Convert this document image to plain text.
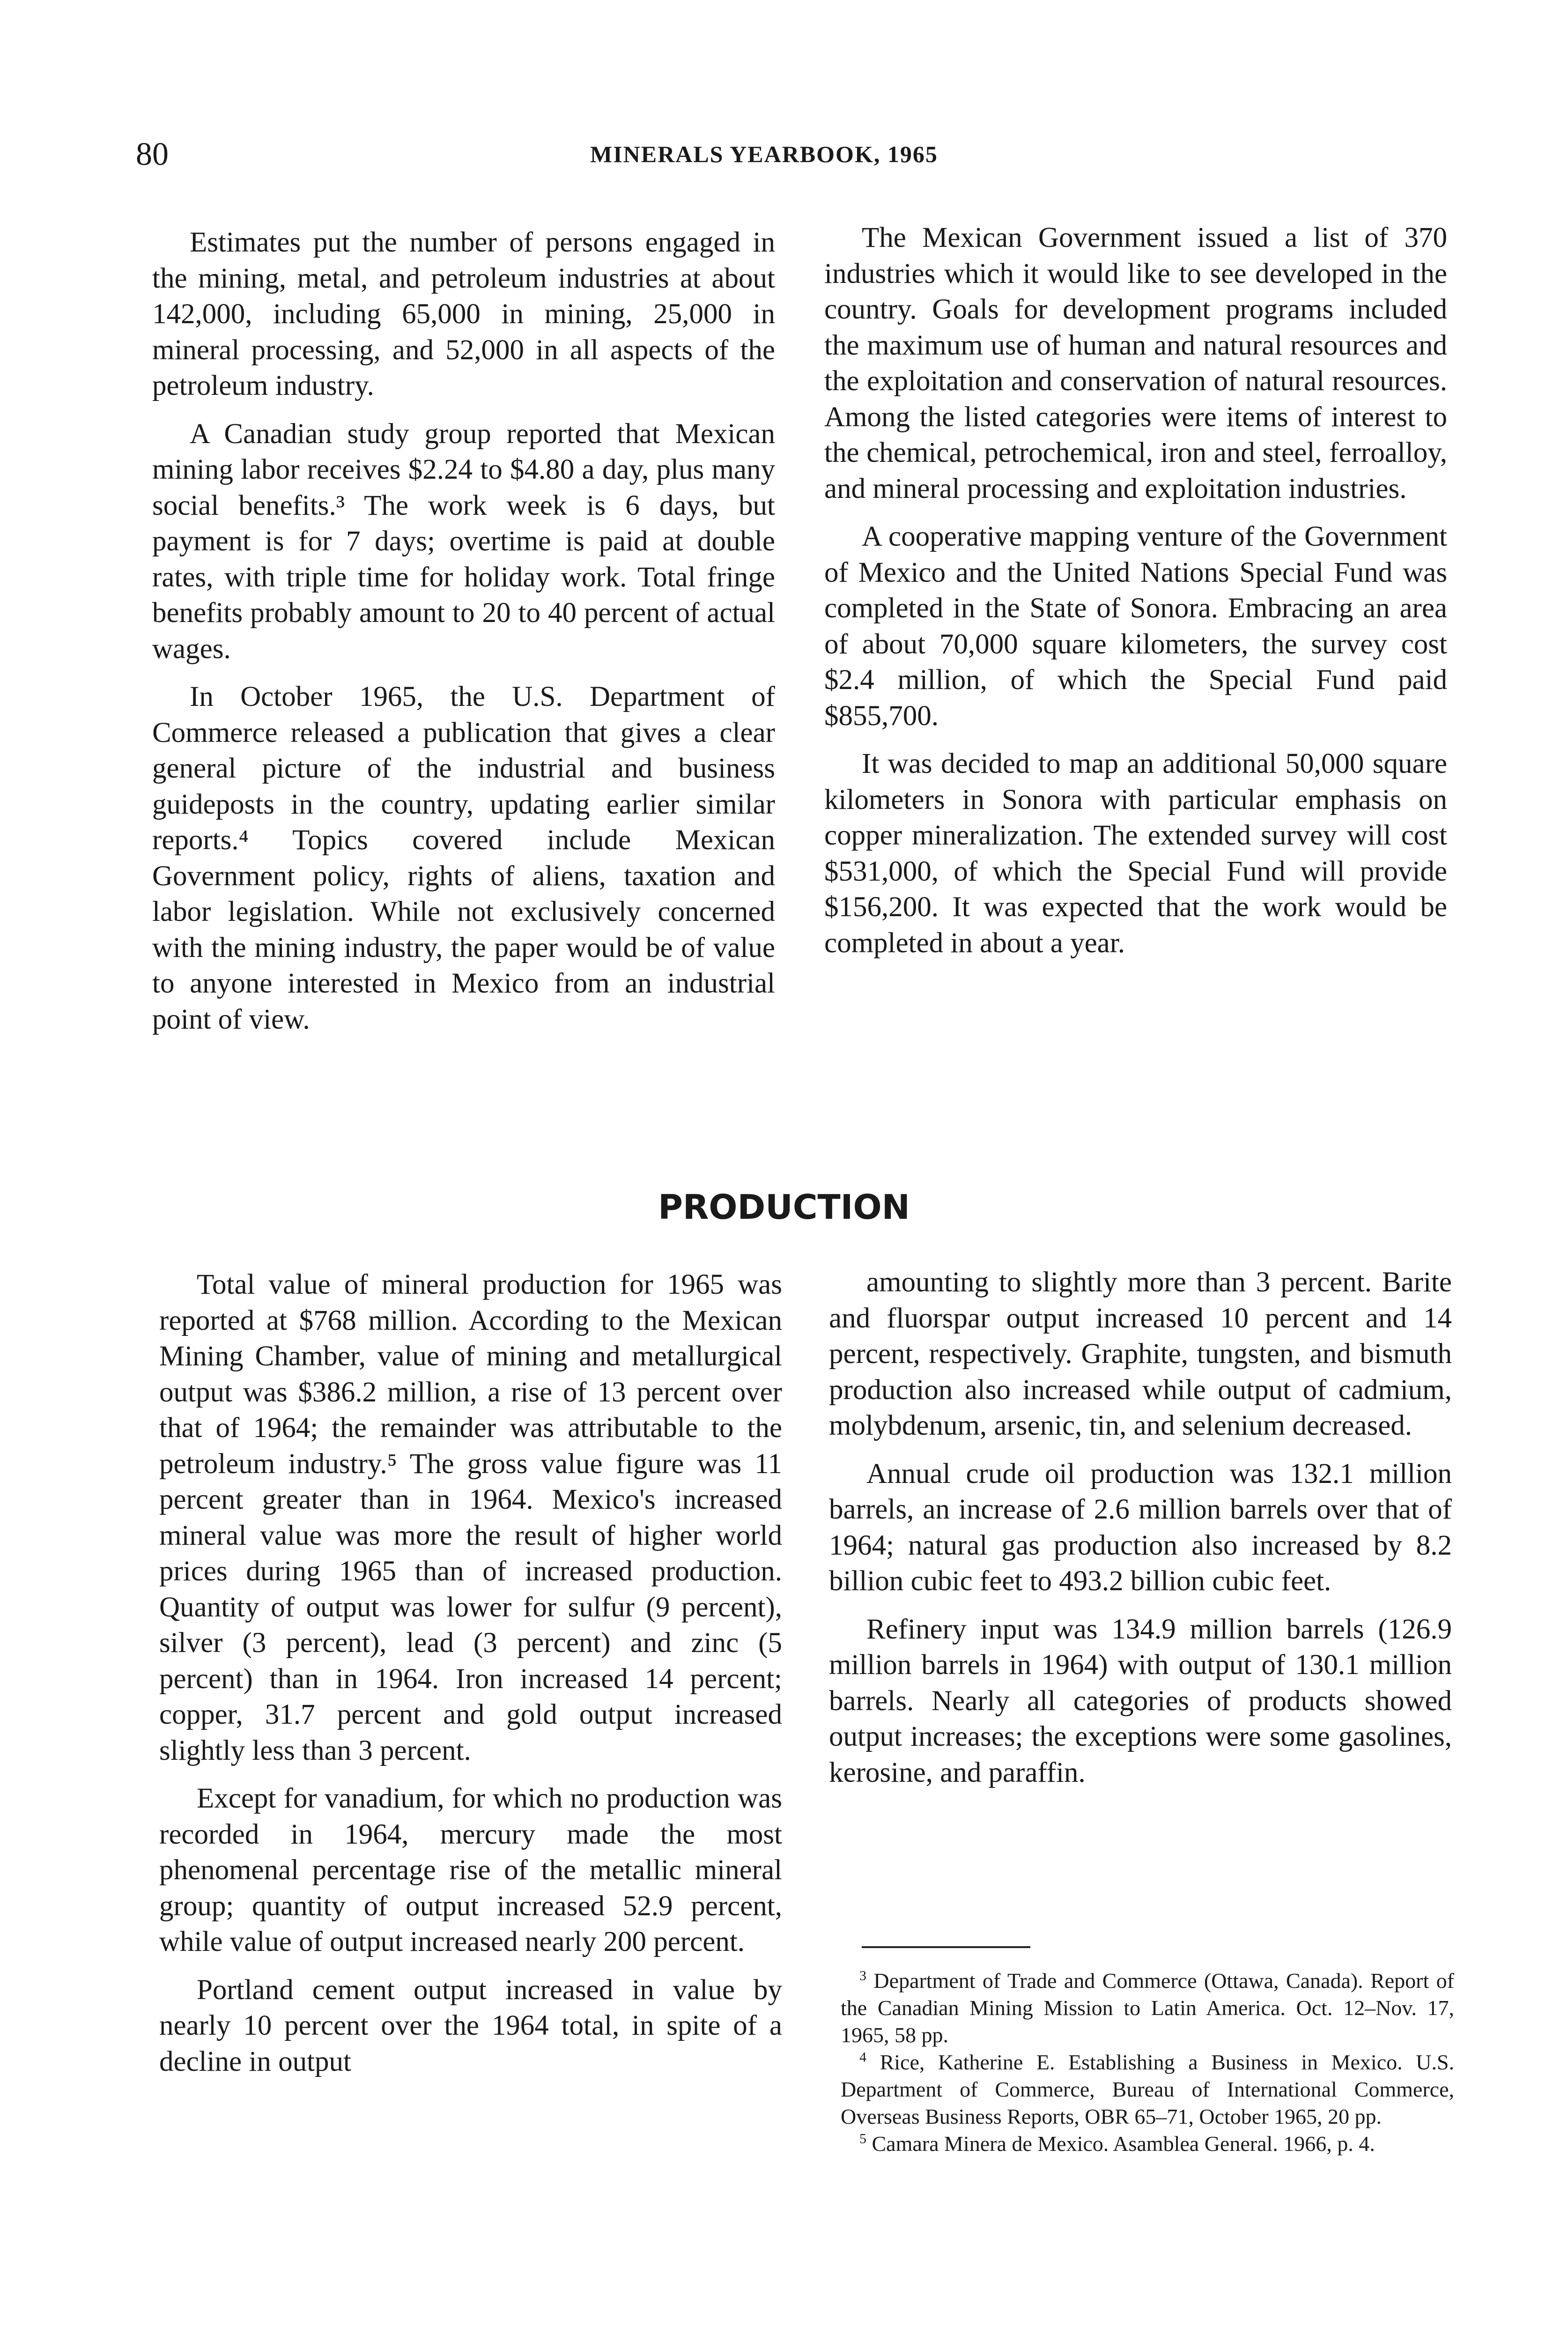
80	MINERALS YEARBOOK, 1965

Estimates put the number of persons engaged in the mining, metal, and petroleum industries at about 142,000, including 65,000 in mining, 25,000 in mineral processing, and 52,000 in all aspects of the petroleum industry.

A Canadian study group reported that Mexican mining labor receives $2.24 to $4.80 a day, plus many social benefits.³ The work week is 6 days, but payment is for 7 days; overtime is paid at double rates, with triple time for holiday work. Total fringe benefits probably amount to 20 to 40 percent of actual wages.

In October 1965, the U.S. Department of Commerce released a publication that gives a clear general picture of the industrial and business guideposts in the country, updating earlier similar reports.⁴ Topics covered include Mexican Government policy, rights of aliens, taxation and labor legislation. While not exclusively concerned with the mining industry, the paper would be of value to anyone interested in Mexico from an industrial point of view.

The Mexican Government issued a list of 370 industries which it would like to see developed in the country. Goals for development programs included the maximum use of human and natural resources and the exploitation and conservation of natural resources. Among the listed categories were items of interest to the chemical, petrochemical, iron and steel, ferroalloy, and mineral processing and exploitation industries.

A cooperative mapping venture of the Government of Mexico and the United Nations Special Fund was completed in the State of Sonora. Embracing an area of about 70,000 square kilometers, the survey cost $2.4 million, of which the Special Fund paid $855,700.

It was decided to map an additional 50,000 square kilometers in Sonora with particular emphasis on copper mineralization. The extended survey will cost $531,000, of which the Special Fund will provide $156,200. It was expected that the work would be completed in about a year.

PRODUCTION

Total value of mineral production for 1965 was reported at $768 million. According to the Mexican Mining Chamber, value of mining and metallurgical output was $386.2 million, a rise of 13 percent over that of 1964; the remainder was attributable to the petroleum industry.⁵ The gross value figure was 11 percent greater than in 1964. Mexico's increased mineral value was more the result of higher world prices during 1965 than of increased production. Quantity of output was lower for sulfur (9 percent), silver (3 percent), lead (3 percent) and zinc (5 percent) than in 1964. Iron increased 14 percent; copper, 31.7 percent and gold output increased slightly less than 3 percent.

Except for vanadium, for which no production was recorded in 1964, mercury made the most phenomenal percentage rise of the metallic mineral group; quantity of output increased 52.9 percent, while value of output increased nearly 200 percent.

Portland cement output increased in value by nearly 10 percent over the 1964 total, in spite of a decline in output

amounting to slightly more than 3 percent. Barite and fluorspar output increased 10 percent and 14 percent, respectively. Graphite, tungsten, and bismuth production also increased while output of cadmium, molybdenum, arsenic, tin, and selenium decreased.

Annual crude oil production was 132.1 million barrels, an increase of 2.6 million barrels over that of 1964; natural gas production also increased by 8.2 billion cubic feet to 493.2 billion cubic feet.

Refinery input was 134.9 million barrels (126.9 million barrels in 1964) with output of 130.1 million barrels. Nearly all categories of products showed output increases; the exceptions were some gasolines, kerosine, and paraffin.

$^3$ Department of Trade and Commerce (Ottawa, Canada). Report of the Canadian Mining Mission to Latin America. Oct. 12–Nov. 17, 1965, 58 pp.

$^4$ Rice, Katherine E. Establishing a Business in Mexico. U.S. Department of Commerce, Bureau of International Commerce, Overseas Business Reports, OBR 65–71, October 1965, 20 pp.

$^5$ Camara Minera de Mexico. Asamblea General. 1966, p. 4.
